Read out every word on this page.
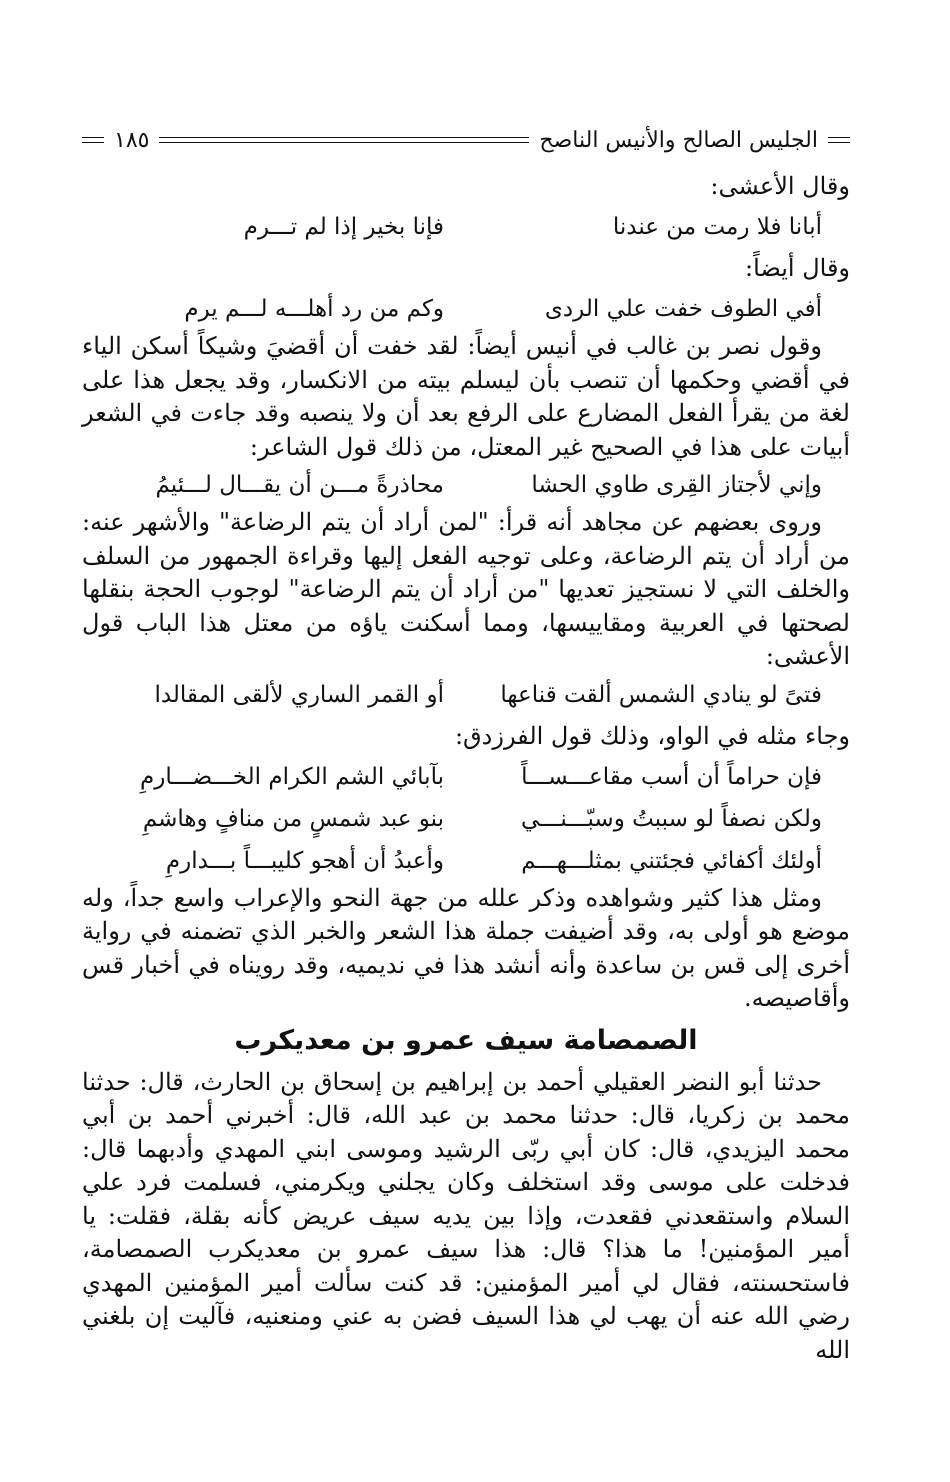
الجليس الصالح والأنيس الناصح
١٨٥

وقال الأعشى:

أبانا فلا رمت من عندنا
فإنا بخير إذا لم تـــرم

وقال أيضاً:

أفي الطوف خفت علي الردى
وكم من رد أهلـــه لـــم يرم

وقول نصر بن غالب في أنيس أيضاً: لقد خفت أن أقضيَ وشيكاً أسكن الياء في أقضي وحكمها أن تنصب بأن ليسلم بيته من الانكسار، وقد يجعل هذا على لغة من يقرأ الفعل المضارع على الرفع بعد أن ولا ينصبه وقد جاءت في الشعر أبيات على هذا في الصحيح غير المعتل، من ذلك قول الشاعر:

وإني لأجتاز القِرى طاوي الحشا
محاذرةً مـــن أن يقـــال لـــئيمُ

وروى بعضهم عن مجاهد أنه قرأ: "لمن أراد أن يتم الرضاعة" والأشهر عنه: من أراد أن يتم الرضاعة، وعلى توجيه الفعل إليها وقراءة الجمهور من السلف والخلف التي لا نستجيز تعديها "من أراد أن يتم الرضاعة" لوجوب الحجة بنقلها لصحتها في العربية ومقاييسها، ومما أسكنت ياؤه من معتل هذا الباب قول الأعشى:

فتىً لو ينادي الشمس ألقت قناعها
أو القمر الساري لألقى المقالدا

وجاء مثله في الواو، وذلك قول الفرزدق:

فإن حراماً أن أسب مقاعـــســـاً
بآبائي الشم الكرام الخـــضـــارمِ
ولكن نصفاً لو سببتُ وسبّـــنـــي
بنو عبد شمسٍ من منافٍ وهاشمِ
أولئك أكفائي فجئتني بمثلـــهـــم
وأعبدُ أن أهجو كليبـــاً بـــدارمِ

ومثل هذا كثير وشواهده وذكر علله من جهة النحو والإعراب واسع جداً، وله موضع هو أولى به، وقد أضيفت جملة هذا الشعر والخبر الذي تضمنه في رواية أخرى إلى قس بن ساعدة وأنه أنشد هذا في نديميه، وقد رويناه في أخبار قس وأقاصيصه.

الصمصامة سيف عمرو بن معديكرب

حدثنا أبو النضر العقيلي أحمد بن إبراهيم بن إسحاق بن الحارث، قال: حدثنا محمد بن زكريا، قال: حدثنا محمد بن عبد الله، قال: أخبرني أحمد بن أبي محمد اليزيدي، قال: كان أبي ربّى الرشيد وموسى ابني المهدي وأدبهما قال: فدخلت على موسى وقد استخلف وكان يجلني ويكرمني، فسلمت فرد علي السلام واستقعدني فقعدت، وإذا بين يديه سيف عريض كأنه بقلة، فقلت: يا أمير المؤمنين! ما هذا؟ قال: هذا سيف عمرو بن معديكرب الصمصامة، فاستحسنته، فقال لي أمير المؤمنين: قد كنت سألت أمير المؤمنين المهدي رضي الله عنه أن يهب لي هذا السيف فضن به عني ومنعنيه، فآليت إن بلغني الله
